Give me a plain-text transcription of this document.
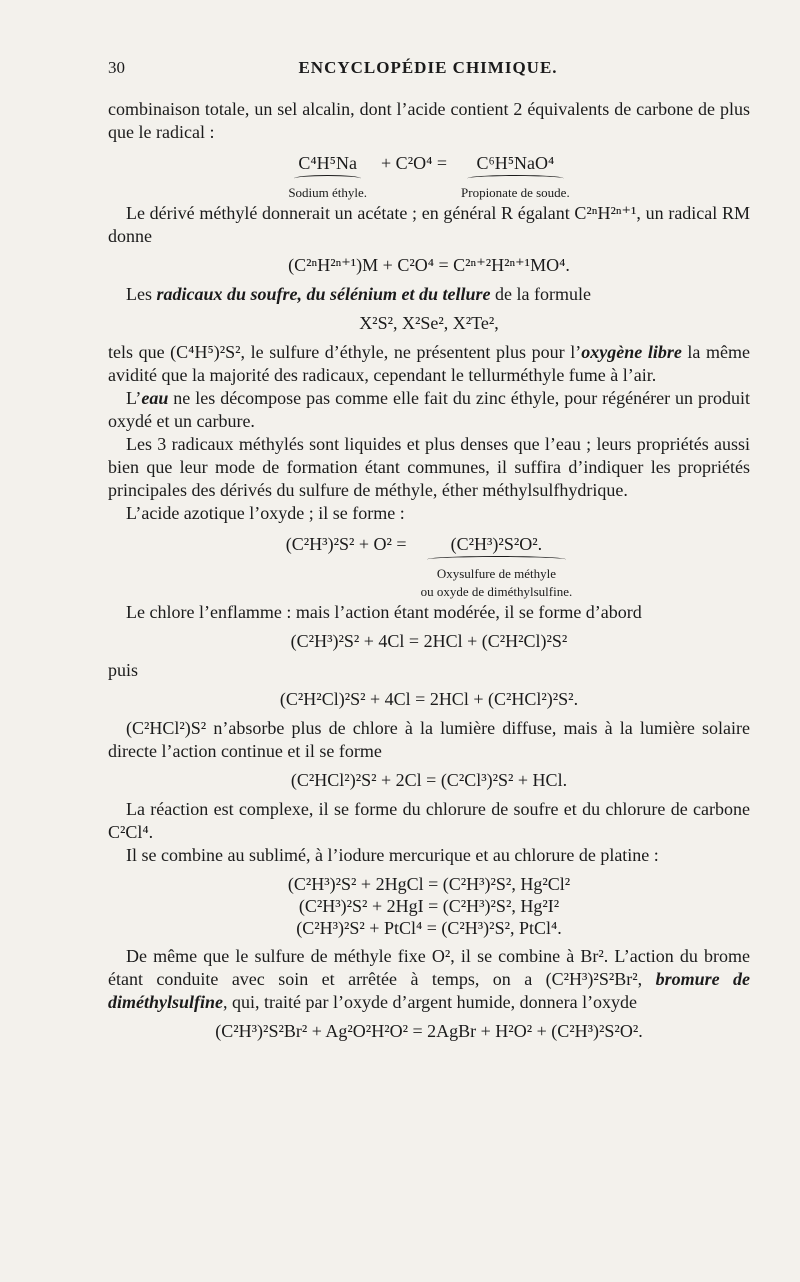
30	ENCYCLOPÉDIE CHIMIQUE.

combinaison totale, un sel alcalin, dont l’acide contient 2 équivalents de carbone de plus que le radical :

C⁴H⁵Na
Sodium éthyle.
+ C²O⁴ =	C⁶H⁵NaO⁴
Propionate de soude.

Le dérivé méthylé donnerait un acétate ; en général R égalant C²ⁿH²ⁿ⁺¹, un radical RM donne

(C²ⁿH²ⁿ⁺¹)M + C²O⁴ = C²ⁿ⁺²H²ⁿ⁺¹MO⁴.

Les radicaux du soufre, du sélénium et du tellure de la formule

X²S², X²Se², X²Te²,

tels que (C⁴H⁵)²S², le sulfure d’éthyle, ne présentent plus pour l’oxygène libre la même avidité que la majorité des radicaux, cependant le tellurméthyle fume à l’air.

L’eau ne les décompose pas comme elle fait du zinc éthyle, pour régénérer un produit oxydé et un carbure.

Les 3 radicaux méthylés sont liquides et plus denses que l’eau ; leurs propriétés aussi bien que leur mode de formation étant communes, il suffira d’indiquer les propriétés principales des dérivés du sulfure de méthyle, éther méthylsulfhydrique.

L’acide azotique l’oxyde ; il se forme :

(C²H³)²S² + O² =	(C²H³)²S²O².
Oxysulfure de méthyle
ou oxyde de diméthylsulfine.

Le chlore l’enflamme : mais l’action étant modérée, il se forme d’abord

(C²H³)²S² + 4Cl = 2HCl + (C²H²Cl)²S²

puis

(C²H²Cl)²S² + 4Cl = 2HCl + (C²HCl²)²S².

(C²HCl²)S² n’absorbe plus de chlore à la lumière diffuse, mais à la lumière solaire directe l’action continue et il se forme

(C²HCl²)²S² + 2Cl = (C²Cl³)²S² + HCl.

La réaction est complexe, il se forme du chlorure de soufre et du chlorure de carbone C²Cl⁴.

Il se combine au sublimé, à l’iodure mercurique et au chlorure de platine :

(C²H³)²S² + 2HgCl = (C²H³)²S², Hg²Cl²
(C²H³)²S² + 2HgI = (C²H³)²S², Hg²I²
(C²H³)²S² + PtCl⁴ = (C²H³)²S², PtCl⁴.

De même que le sulfure de méthyle fixe O², il se combine à Br². L’action du brome étant conduite avec soin et arrêtée à temps, on a (C²H³)²S²Br², bromure de diméthylsulfine, qui, traité par l’oxyde d’argent humide, donnera l’oxyde

(C²H³)²S²Br² + Ag²O²H²O² = 2AgBr + H²O² + (C²H³)²S²O².
